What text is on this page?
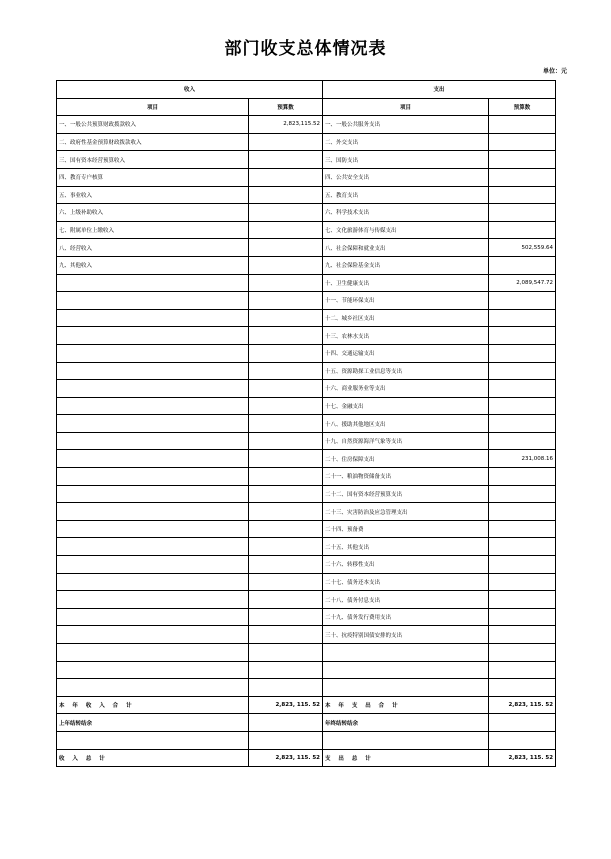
部门收支总体情况表
单位：元
收入		支出	
项目	预算数	项目	预算数
一、一般公共预算财政拨款收入	2,823,115.52	一、一般公共服务支出	
二、政府性基金预算财政拨款收入		二、外交支出	
三、国有资本经营预算收入		三、国防支出	
四、教育专户核算		四、公共安全支出	
五、事业收入		五、教育支出	
六、上级补助收入		六、科学技术支出	
七、附属单位上缴收入		七、文化旅游体育与传媒支出	
八、经营收入		八、社会保障和就业支出	502,559.64
九、其他收入		九、社会保险基金支出	
		十、卫生健康支出	2,089,547.72
		十一、节能环保支出	
		十二、城乡社区支出	
		十三、农林水支出	
		十四、交通运输支出	
		十五、资源勘探工业信息等支出	
		十六、商业服务业等支出	
		十七、金融支出	
		十八、援助其他地区支出	
		十九、自然资源海洋气象等支出	
		二十、住房保障支出	231,008.16
		二十一、粮油物资储备支出	
		二十二、国有资本经营预算支出	
		二十三、灾害防治及应急管理支出	
		二十四、预备费	
		二十五、其他支出	
		二十六、转移性支出	
		二十七、债务还本支出	
		二十八、债务付息支出	
		二十九、债务发行费用支出	
		三十、抗疫特别国债安排的支出	

本 年 收 入 合 计	2,823, 115. 52	本 年 支 出 合 计	2,823, 115. 52
上年结转结余		年终结转结余	

收 入 总 计	2,823, 115. 52	支 出 总 计	2,823, 115. 52
